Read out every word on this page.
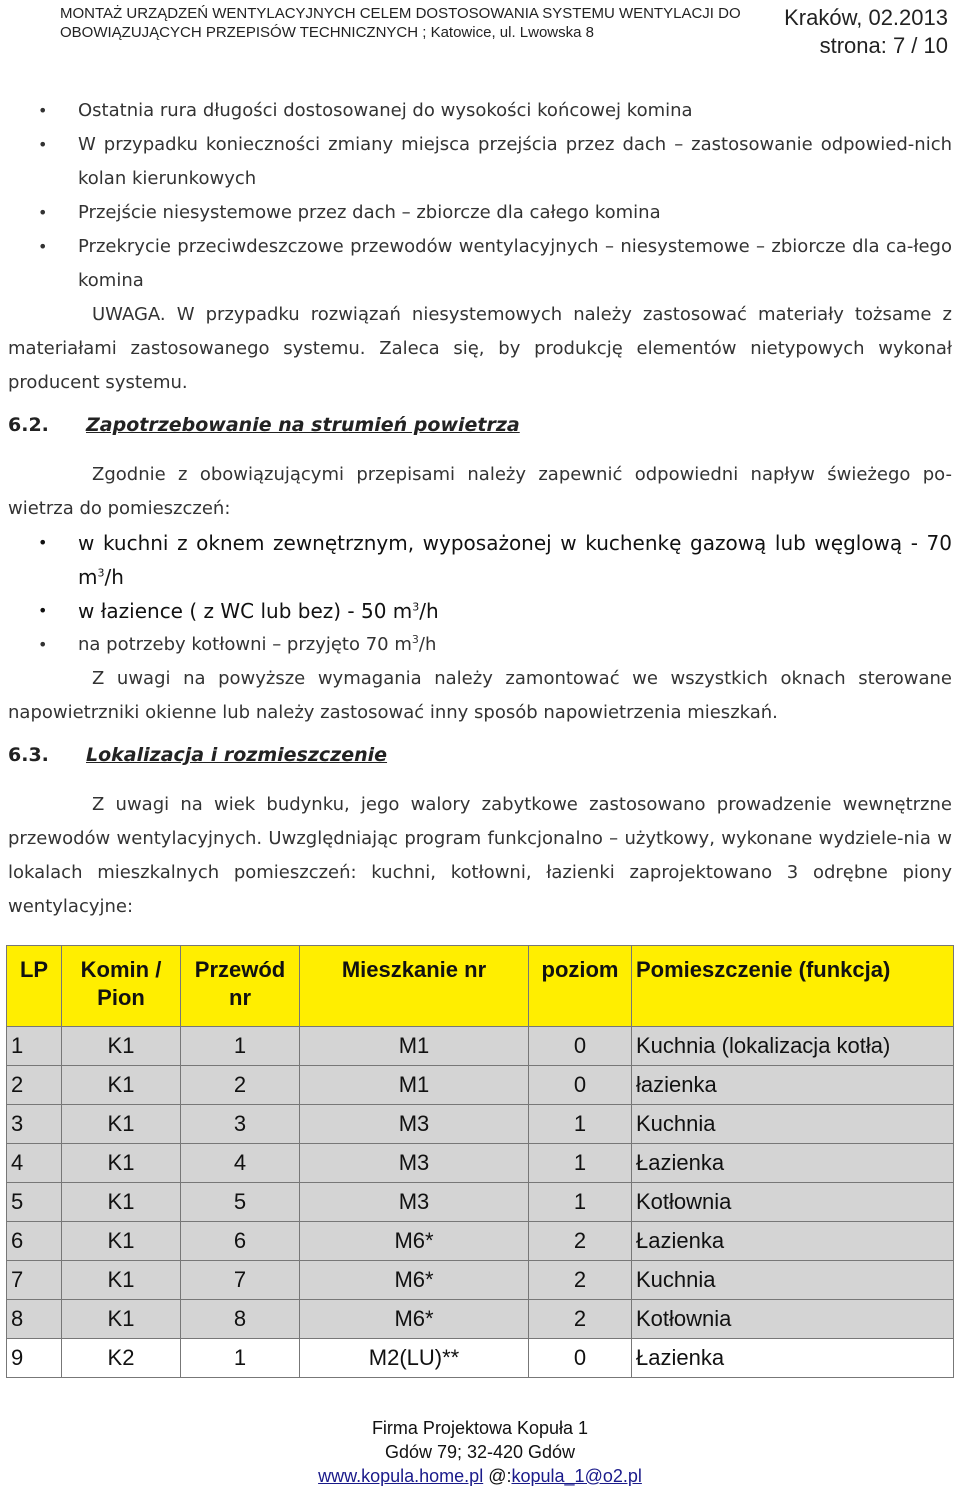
MONTAŻ URZĄDZEŃ WENTYLACYJNYCH CELEM DOSTOSOWANIA SYSTEMU WENTYLACJI DO
OBOWIĄZUJĄCYCH PRZEPISÓW TECHNICZNYCH ; Katowice, ul. Lwowska 8
Kraków, 02.2013
strona: 7 / 10
• Ostatnia rura długości dostosowanej do wysokości końcowej komina
• W przypadku konieczności zmiany miejsca przejścia przez dach – zastosowanie odpowied-nich kolan kierunkowych
• Przejście niesystemowe przez dach – zbiorcze dla całego komina
• Przekrycie przeciwdeszczowe przewodów wentylacyjnych – niesystemowe – zbiorcze dla ca-łego komina

UWAGA. W przypadku rozwiązań niesystemowych należy zastosować materiały tożsame z materiałami zastosowanego systemu. Zaleca się, by produkcję elementów nietypowych wykonał producent systemu.

6.2.	Zapotrzebowanie na strumień powietrza

Zgodnie z obowiązującymi przepisami należy zapewnić odpowiedni napływ świeżego po-wietrza do pomieszczeń:

• w kuchni z oknem zewnętrznym, wyposażonej w kuchenkę gazową lub węglową - 70 $m^3/h$
• w łazience ( z WC lub bez) - 50 $m^3/h$
• na potrzeby kotłowni – przyjęto 70 $m^3/h$

Z uwagi na powyższe wymagania należy zamontować we wszystkich oknach sterowane napowietrzniki okienne lub należy zastosować inny sposób napowietrzenia mieszkań.

6.3.	Lokalizacja i rozmieszczenie

Z uwagi na wiek budynku, jego walory zabytkowe zastosowano prowadzenie wewnętrzne przewodów wentylacyjnych. Uwzględniając program funkcjonalno – użytkowy, wykonane wydziele-nia w lokalach mieszkalnych pomieszczeń: kuchni, kotłowni, łazienki zaprojektowano 3 odrębne piony wentylacyjne:

LP	Komin / Pion	Przewód nr	Mieszkanie nr	poziom	Pomieszczenie (funkcja)
1	K1	1	M1	0	Kuchnia (lokalizacja kotła)
2	K1	2	M1	0	łazienka
3	K1	3	M3	1	Kuchnia
4	K1	4	M3	1	Łazienka
5	K1	5	M3	1	Kotłownia
6	K1	6	M6*	2	Łazienka
7	K1	7	M6*	2	Kuchnia
8	K1	8	M6*	2	Kotłownia
9	K2	1	M2(LU)**	0	Łazienka
Firma Projektowa Kopuła 1
Gdów 79; 32-420 Gdów
www.kopula.home.pl @:kopula_1@o2.pl
